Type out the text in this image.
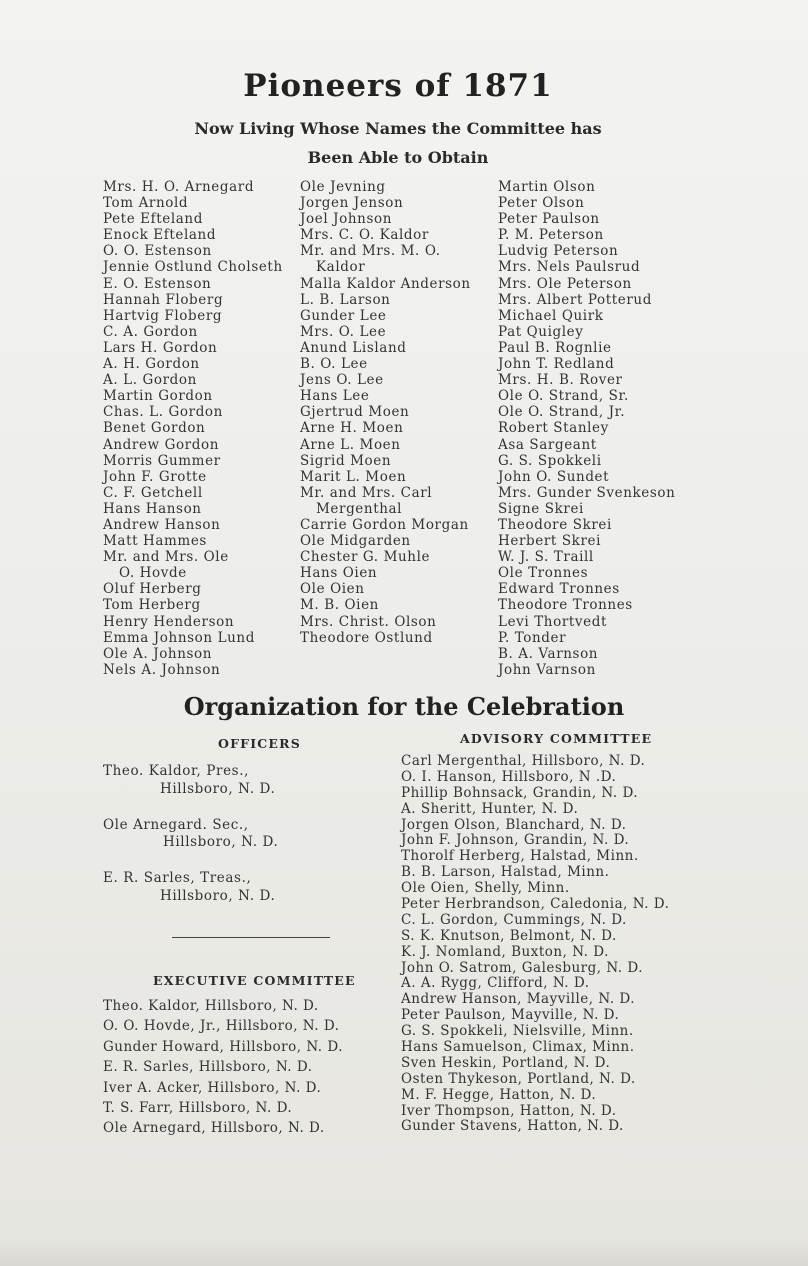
Pioneers of 1871
Now Living Whose Names the Committee has
Been Able to Obtain
Mrs. H. O. Arnegard
Tom Arnold
Pete Efteland
Enock Efteland
O. O. Estenson
Jennie Ostlund Cholseth
E. O. Estenson
Hannah Floberg
Hartvig Floberg
C. A. Gordon
Lars H. Gordon
A. H. Gordon
A. L. Gordon
Martin Gordon
Chas. L. Gordon
Benet Gordon
Andrew Gordon
Morris Gummer
John F. Grotte
C. F. Getchell
Hans Hanson
Andrew Hanson
Matt Hammes
Mr. and Mrs. Ole
O. Hovde
Oluf Herberg
Tom Herberg
Henry Henderson
Emma Johnson Lund
Ole A. Johnson
Nels A. Johnson
Ole Jevning
Jorgen Jenson
Joel Johnson
Mrs. C. O. Kaldor
Mr. and Mrs. M. O.
Kaldor
Malla Kaldor Anderson
L. B. Larson
Gunder Lee
Mrs. O. Lee
Anund Lisland
B. O. Lee
Jens O. Lee
Hans Lee
Gjertrud Moen
Arne H. Moen
Arne L. Moen
Sigrid Moen
Marit L. Moen
Mr. and Mrs. Carl
Mergenthal
Carrie Gordon Morgan
Ole Midgarden
Chester G. Muhle
Hans Oien
Ole Oien
M. B. Oien
Mrs. Christ. Olson
Theodore Ostlund
Martin Olson
Peter Olson
Peter Paulson
P. M. Peterson
Ludvig Peterson
Mrs. Nels Paulsrud
Mrs. Ole Peterson
Mrs. Albert Potterud
Michael Quirk
Pat Quigley
Paul B. Rognlie
John T. Redland
Mrs. H. B. Rover
Ole O. Strand, Sr.
Ole O. Strand, Jr.
Robert Stanley
Asa Sargeant
G. S. Spokkeli
John O. Sundet
Mrs. Gunder Svenkeson
Signe Skrei
Theodore Skrei
Herbert Skrei
W. J. S. Traill
Ole Tronnes
Edward Tronnes
Theodore Tronnes
Levi Thortvedt
P. Tonder
B. A. Varnson
John Varnson
Organization for the Celebration
OFFICERS
Theo. Kaldor, Pres.,
Hillsboro, N. D.
Ole Arnegard. Sec.,
Hillsboro, N. D.
E. R. Sarles, Treas.,
Hillsboro, N. D.
EXECUTIVE COMMITTEE
Theo. Kaldor, Hillsboro, N. D.
O. O. Hovde, Jr., Hillsboro, N. D.
Gunder Howard, Hillsboro, N. D.
E. R. Sarles, Hillsboro, N. D.
Iver A. Acker, Hillsboro, N. D.
T. S. Farr, Hillsboro, N. D.
Ole Arnegard, Hillsboro, N. D.
ADVISORY COMMITTEE
Carl Mergenthal, Hillsboro, N. D.
O. I. Hanson, Hillsboro, N .D.
Phillip Bohnsack, Grandin, N. D.
A. Sheritt, Hunter, N. D.
Jorgen Olson, Blanchard, N. D.
John F. Johnson, Grandin, N. D.
Thorolf Herberg, Halstad, Minn.
B. B. Larson, Halstad, Minn.
Ole Oien, Shelly, Minn.
Peter Herbrandson, Caledonia, N. D.
C. L. Gordon, Cummings, N. D.
S. K. Knutson, Belmont, N. D.
K. J. Nomland, Buxton, N. D.
John O. Satrom, Galesburg, N. D.
A. A. Rygg, Clifford, N. D.
Andrew Hanson, Mayville, N. D.
Peter Paulson, Mayville, N. D.
G. S. Spokkeli, Nielsville, Minn.
Hans Samuelson, Climax, Minn.
Sven Heskin, Portland, N. D.
Osten Thykeson, Portland, N. D.
M. F. Hegge, Hatton, N. D.
Iver Thompson, Hatton, N. D.
Gunder Stavens, Hatton, N. D.
